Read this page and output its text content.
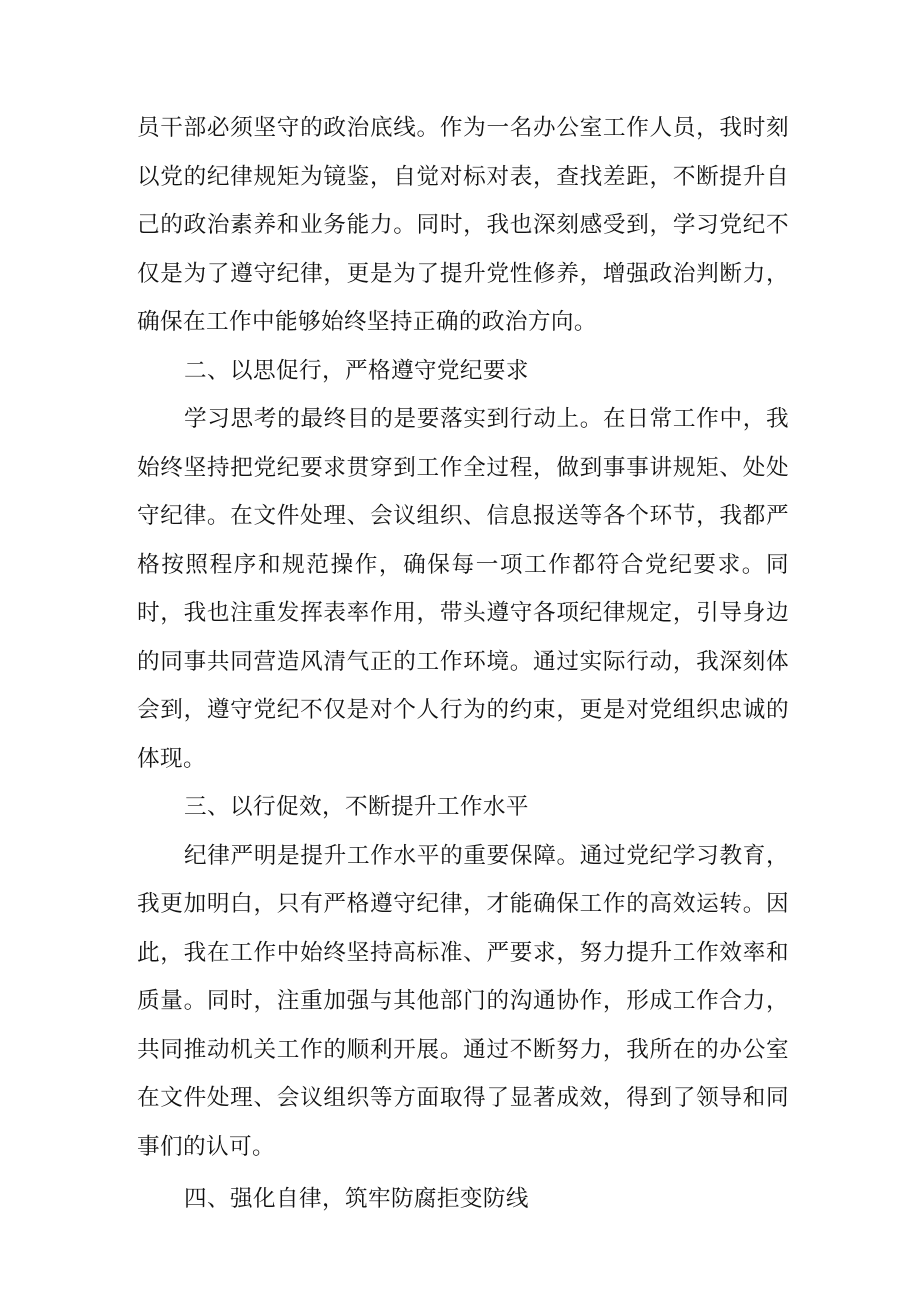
员干部必须坚守的政治底线。作为一名办公室工作人员，我时刻以党的纪律规矩为镜鉴，自觉对标对表，查找差距，不断提升自己的政治素养和业务能力。同时，我也深刻感受到，学习党纪不仅是为了遵守纪律，更是为了提升党性修养，增强政治判断力，确保在工作中能够始终坚持正确的政治方向。

二、以思促行，严格遵守党纪要求

学习思考的最终目的是要落实到行动上。在日常工作中，我始终坚持把党纪要求贯穿到工作全过程，做到事事讲规矩、处处守纪律。在文件处理、会议组织、信息报送等各个环节，我都严格按照程序和规范操作，确保每一项工作都符合党纪要求。同时，我也注重发挥表率作用，带头遵守各项纪律规定，引导身边的同事共同营造风清气正的工作环境。通过实际行动，我深刻体会到，遵守党纪不仅是对个人行为的约束，更是对党组织忠诚的体现。

三、以行促效，不断提升工作水平

纪律严明是提升工作水平的重要保障。通过党纪学习教育，我更加明白，只有严格遵守纪律，才能确保工作的高效运转。因此，我在工作中始终坚持高标准、严要求，努力提升工作效率和质量。同时，注重加强与其他部门的沟通协作，形成工作合力，共同推动机关工作的顺利开展。通过不断努力，我所在的办公室在文件处理、会议组织等方面取得了显著成效，得到了领导和同事们的认可。

四、强化自律，筑牢防腐拒变防线
